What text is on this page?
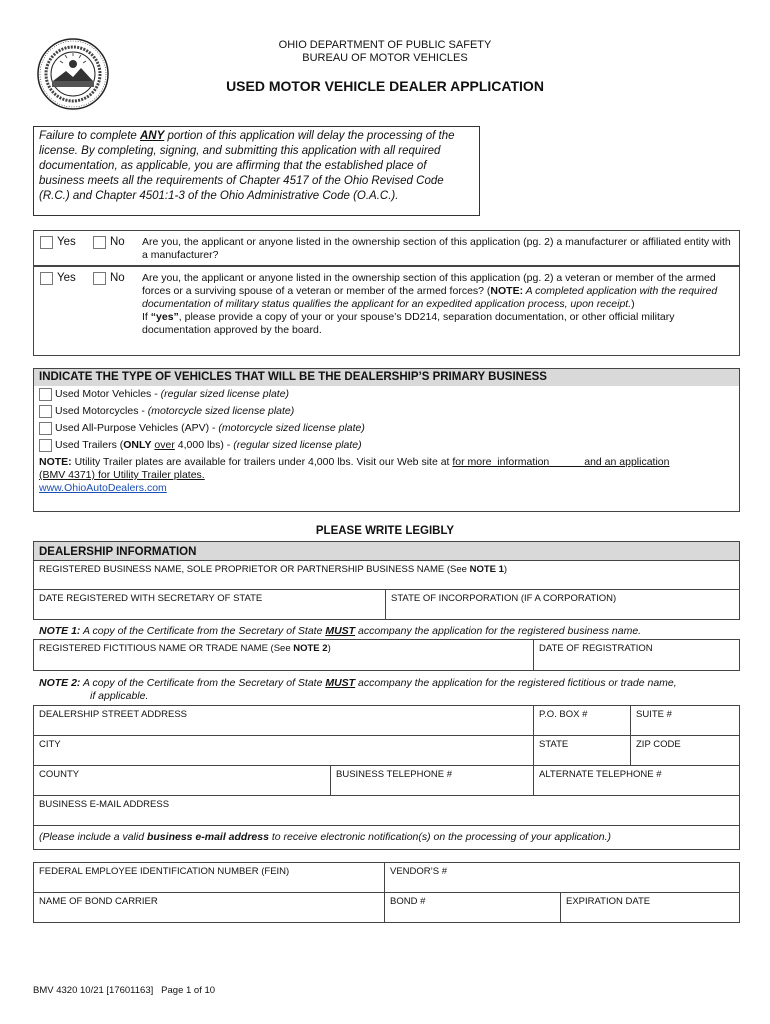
OHIO DEPARTMENT OF PUBLIC SAFETY
BUREAU OF MOTOR VEHICLES
USED MOTOR VEHICLE DEALER APPLICATION
Failure to complete ANY portion of this application will delay the processing of the license. By completing, signing, and submitting this application with all required documentation, as applicable, you are affirming that the established place of business meets all the requirements of Chapter 4517 of the Ohio Revised Code (R.C.) and Chapter 4501:1-3 of the Ohio Administrative Code (O.A.C.).
Yes	No Are you, the applicant or anyone listed in the ownership section of this application (pg. 2) a manufacturer or affiliated entity with a manufacturer?
Yes	No Are you, the applicant or anyone listed in the ownership section of this application (pg. 2) a veteran or member of the armed forces or a surviving spouse of a veteran or member of the armed forces? (NOTE: A completed application with the required documentation of military status qualifies the applicant for an expedited application process, upon receipt.)
If “yes”, please provide a copy of your or your spouse’s DD214, separation documentation, or other official military documentation approved by the board.
INDICATE THE TYPE OF VEHICLES THAT WILL BE THE DEALERSHIP’S PRIMARY BUSINESS
Used Motor Vehicles - (regular sized license plate)
Used Motorcycles - (motorcycle sized license plate)
Used All-Purpose Vehicles (APV) - (motorcycle sized license plate)
Used Trailers (ONLY over 4,000 lbs) - (regular sized license plate)
NOTE: Utility Trailer plates are available for trailers under 4,000 lbs. Visit our Web site at for more  information            and an application
(BMV 4371) for Utility Trailer plates.
www.OhioAutoDealers.com
PLEASE WRITE LEGIBLY
DEALERSHIP INFORMATION
REGISTERED BUSINESS NAME, SOLE PROPRIETOR OR PARTNERSHIP BUSINESS NAME (See NOTE 1)
DATE REGISTERED WITH SECRETARY OF STATE	STATE OF INCORPORATION (IF A CORPORATION)
NOTE 1: A copy of the Certificate from the Secretary of State MUST accompany the application for the registered business name.
REGISTERED FICTITIOUS NAME OR TRADE NAME (See NOTE 2)	DATE OF REGISTRATION
NOTE 2: A copy of the Certificate from the Secretary of State MUST accompany the application for the registered fictitious or trade name,
if applicable.
DEALERSHIP STREET ADDRESS	P.O. BOX #	SUITE #
CITY	STATE	ZIP CODE
COUNTY	BUSINESS TELEPHONE #	ALTERNATE TELEPHONE #
BUSINESS E-MAIL ADDRESS
(Please include a valid business e-mail address to receive electronic notification(s) on the processing of your application.)
FEDERAL EMPLOYEE IDENTIFICATION NUMBER (FEIN)	VENDOR’S #
NAME OF BOND CARRIER	BOND #	EXPIRATION DATE
BMV 4320 10/21 [17601163]   Page 1 of 10
